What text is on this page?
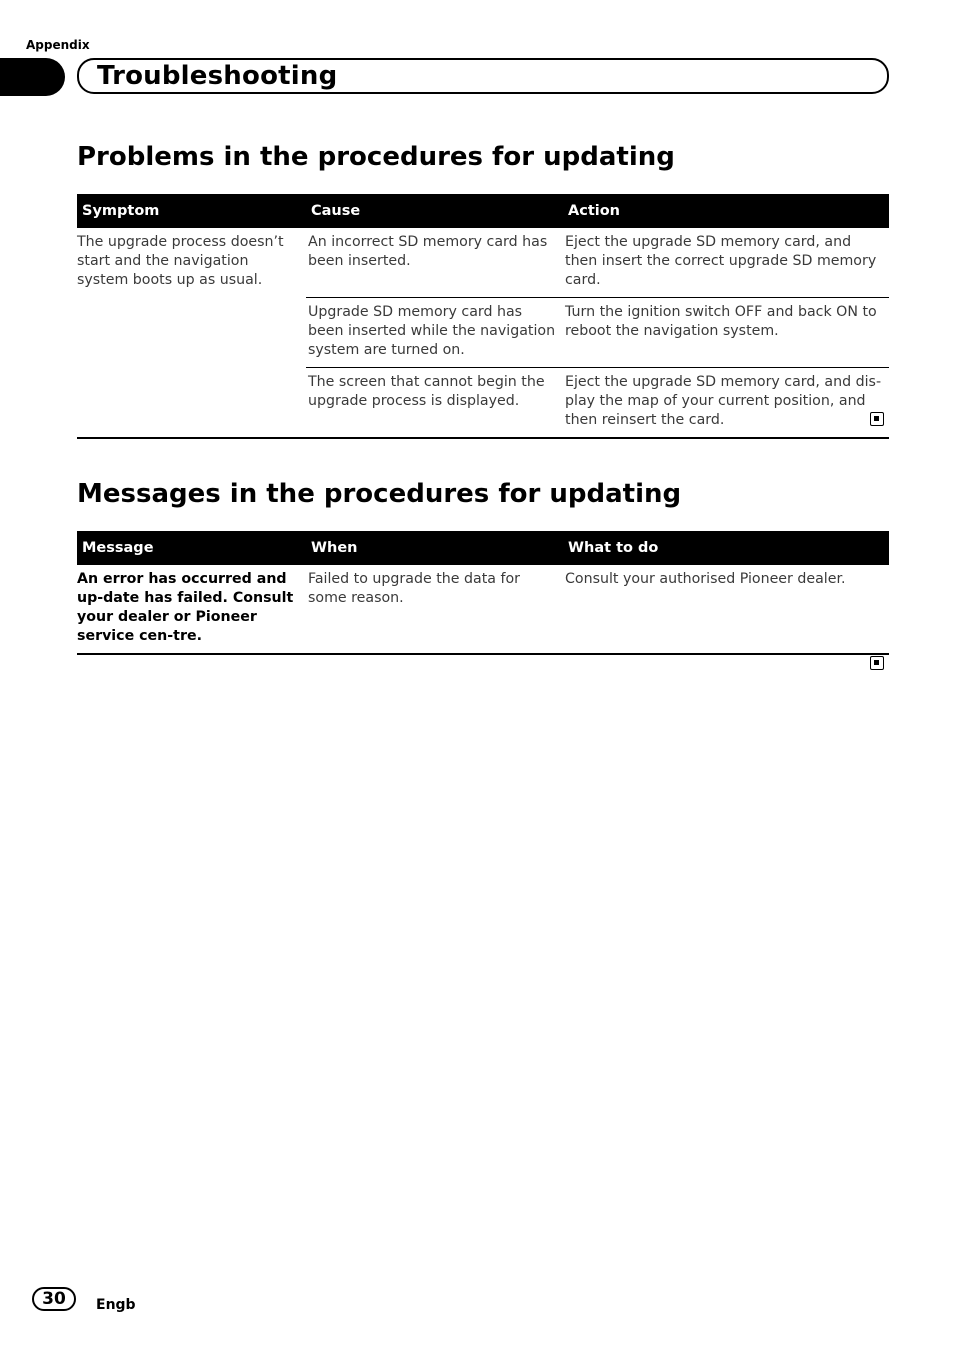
Appendix
Troubleshooting
Problems in the procedures for updating
Symptom	Cause	Action
The upgrade process doesn’t start and the navigation system boots up as usual.	An incorrect SD memory card has been inserted.	Eject the upgrade SD memory card, and then insert the correct upgrade SD memory card.
	Upgrade SD memory card has been inserted while the navigation system are turned on.	Turn the ignition switch OFF and back ON to reboot the navigation system.
	The screen that cannot begin the upgrade process is displayed.	Eject the upgrade SD memory card, and dis-play the map of your current position, and then reinsert the card.
Messages in the procedures for updating
Message	When	What to do
An error has occurred and up-date has failed. Consult your dealer or Pioneer service cen-tre.	Failed to upgrade the data for some reason.	Consult your authorised Pioneer dealer.
30	Engb
